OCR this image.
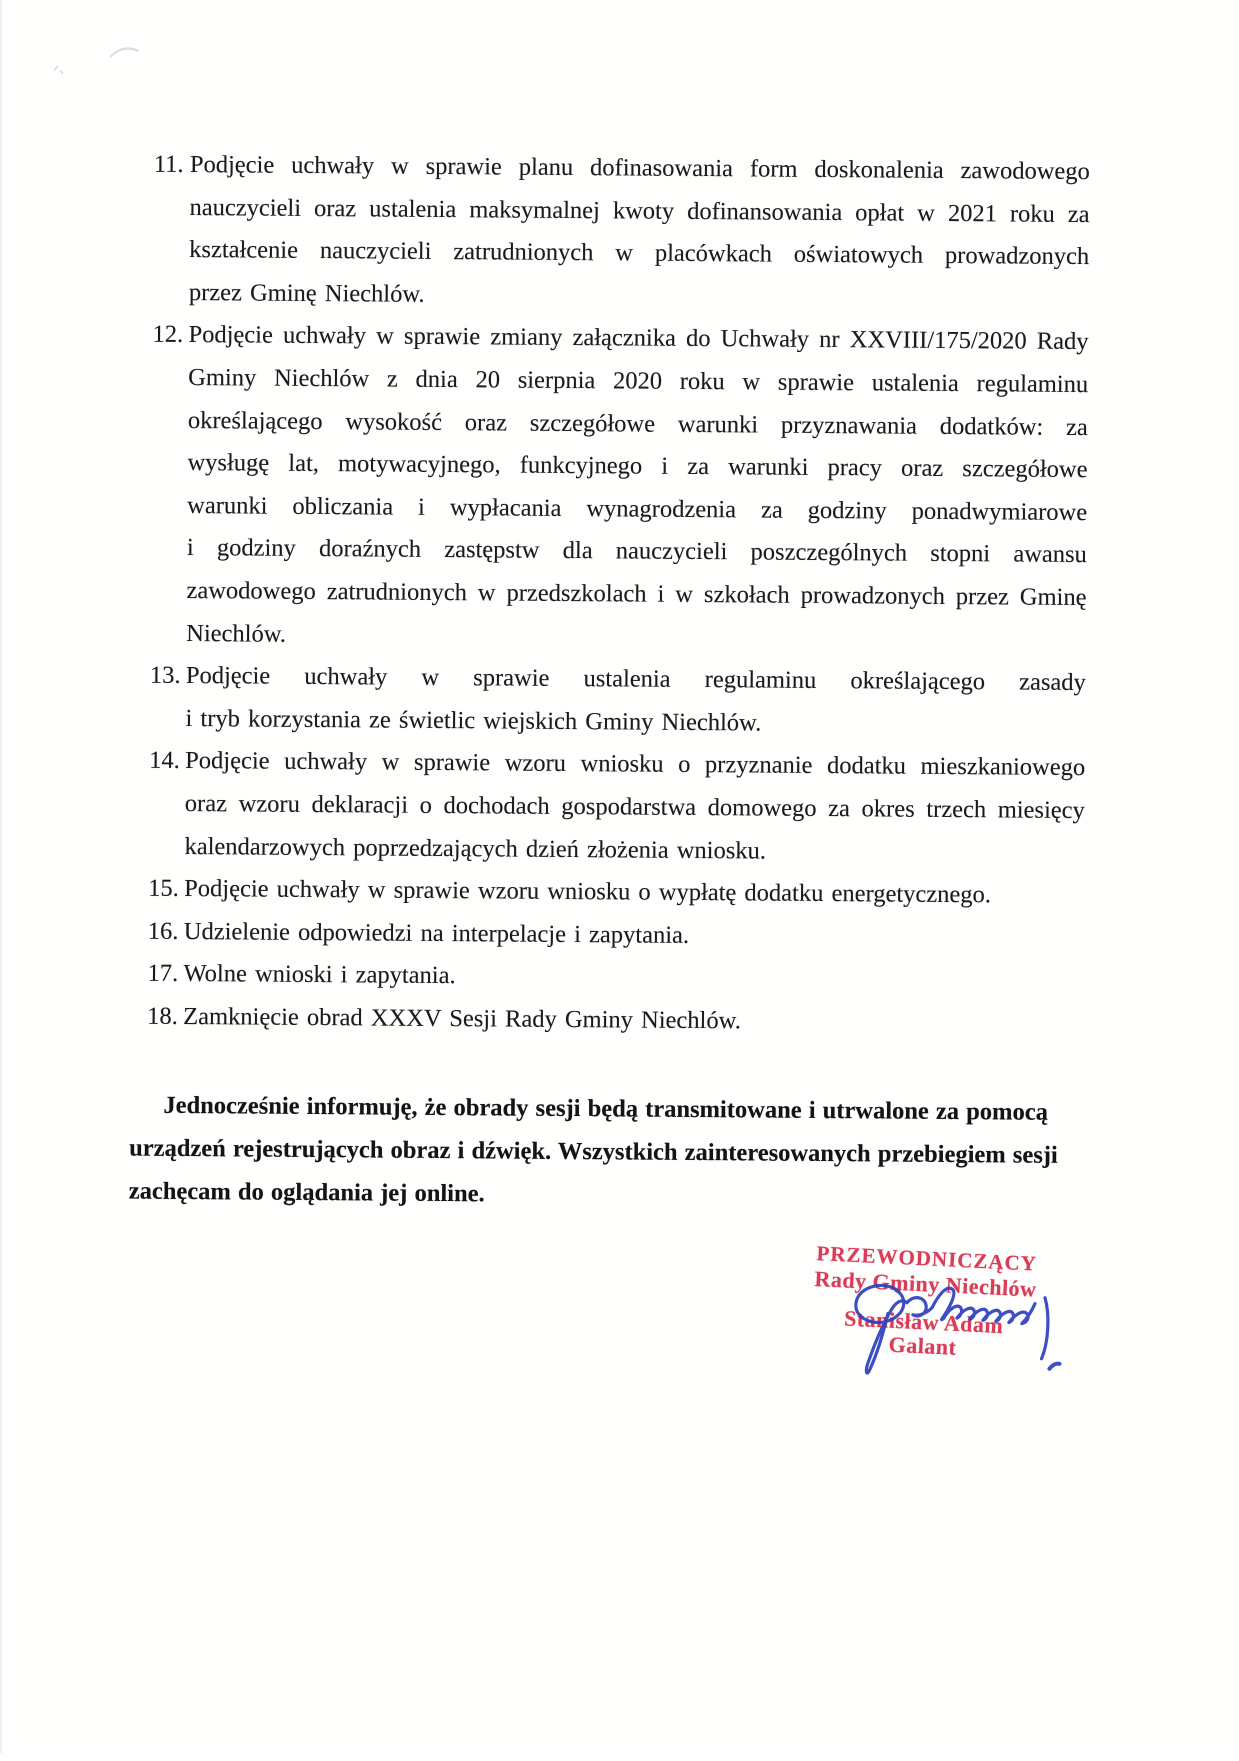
11. Podjęcie uchwały w sprawie planu dofinasowania form doskonalenia zawodowego
nauczycieli oraz ustalenia maksymalnej kwoty dofinansowania opłat w 2021 roku za
kształcenie nauczycieli zatrudnionych w placówkach oświatowych prowadzonych
przez Gminę Niechlów.
12. Podjęcie uchwały w sprawie zmiany załącznika do Uchwały nr XXVIII/175/2020 Rady
Gminy Niechlów z dnia 20 sierpnia 2020 roku w sprawie ustalenia regulaminu
określającego wysokość oraz szczegółowe warunki przyznawania dodatków: za
wysługę lat, motywacyjnego, funkcyjnego i za warunki pracy oraz szczegółowe
warunki obliczania i wypłacania wynagrodzenia za godziny ponadwymiarowe
i godziny doraźnych zastępstw dla nauczycieli poszczególnych stopni awansu
zawodowego zatrudnionych w przedszkolach i w szkołach prowadzonych przez Gminę
Niechlów.
13. Podjęcie uchwały w sprawie ustalenia regulaminu określającego zasady
i tryb korzystania ze świetlic wiejskich Gminy Niechlów.
14. Podjęcie uchwały w sprawie wzoru wniosku o przyznanie dodatku mieszkaniowego
oraz wzoru deklaracji o dochodach gospodarstwa domowego za okres trzech miesięcy
kalendarzowych poprzedzających dzień złożenia wniosku.
15. Podjęcie uchwały w sprawie wzoru wniosku o wypłatę dodatku energetycznego.
16. Udzielenie odpowiedzi na interpelacje i zapytania.
17. Wolne wnioski i zapytania.
18. Zamknięcie obrad XXXV Sesji Rady Gminy Niechlów.
Jednocześnie informuję, że obrady sesji będą transmitowane i utrwalone za pomocą
urządzeń rejestrujących obraz i dźwięk. Wszystkich zainteresowanych przebiegiem sesji
zachęcam do oglądania jej online.
PRZEWODNICZĄCY
Rady Gminy Niechlów
Stanisław Adam Galant
